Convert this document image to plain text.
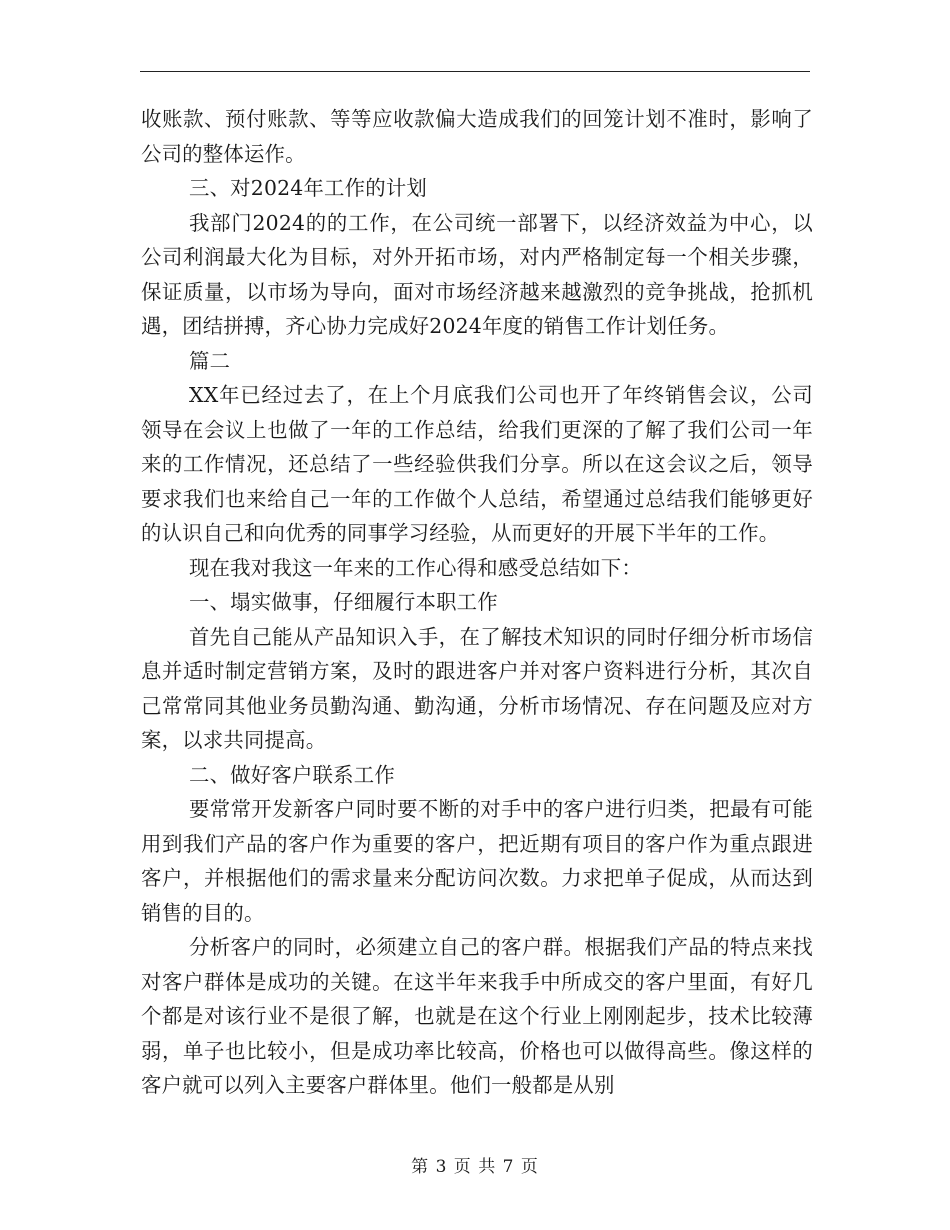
收账款、预付账款、等等应收款偏大造成我们的回笼计划不准时，影响了公司的整体运作。

三、对2024年工作的计划

我部门2024的的工作，在公司统一部署下，以经济效益为中心，以公司利润最大化为目标，对外开拓市场，对内严格制定每一个相关步骤，保证质量，以市场为导向，面对市场经济越来越激烈的竞争挑战，抢抓机遇，团结拼搏，齐心协力完成好2024年度的销售工作计划任务。

篇二

XX年已经过去了，在上个月底我们公司也开了年终销售会议，公司领导在会议上也做了一年的工作总结，给我们更深的了解了我们公司一年来的工作情况，还总结了一些经验供我们分享。所以在这会议之后，领导要求我们也来给自己一年的工作做个人总结，希望通过总结我们能够更好的认识自己和向优秀的同事学习经验，从而更好的开展下半年的工作。

现在我对我这一年来的工作心得和感受总结如下：

一、塌实做事，仔细履行本职工作

首先自己能从产品知识入手，在了解技术知识的同时仔细分析市场信息并适时制定营销方案，及时的跟进客户并对客户资料进行分析，其次自己常常同其他业务员勤沟通、勤沟通，分析市场情况、存在问题及应对方案，以求共同提高。

二、做好客户联系工作

要常常开发新客户同时要不断的对手中的客户进行归类，把最有可能用到我们产品的客户作为重要的客户，把近期有项目的客户作为重点跟进客户，并根据他们的需求量来分配访问次数。力求把单子促成，从而达到销售的目的。

分析客户的同时，必须建立自己的客户群。根据我们产品的特点来找对客户群体是成功的关键。在这半年来我手中所成交的客户里面，有好几个都是对该行业不是很了解，也就是在这个行业上刚刚起步，技术比较薄弱，单子也比较小，但是成功率比较高，价格也可以做得高些。像这样的客户就可以列入主要客户群体里。他们一般都是从别

第 3 页 共 7 页
